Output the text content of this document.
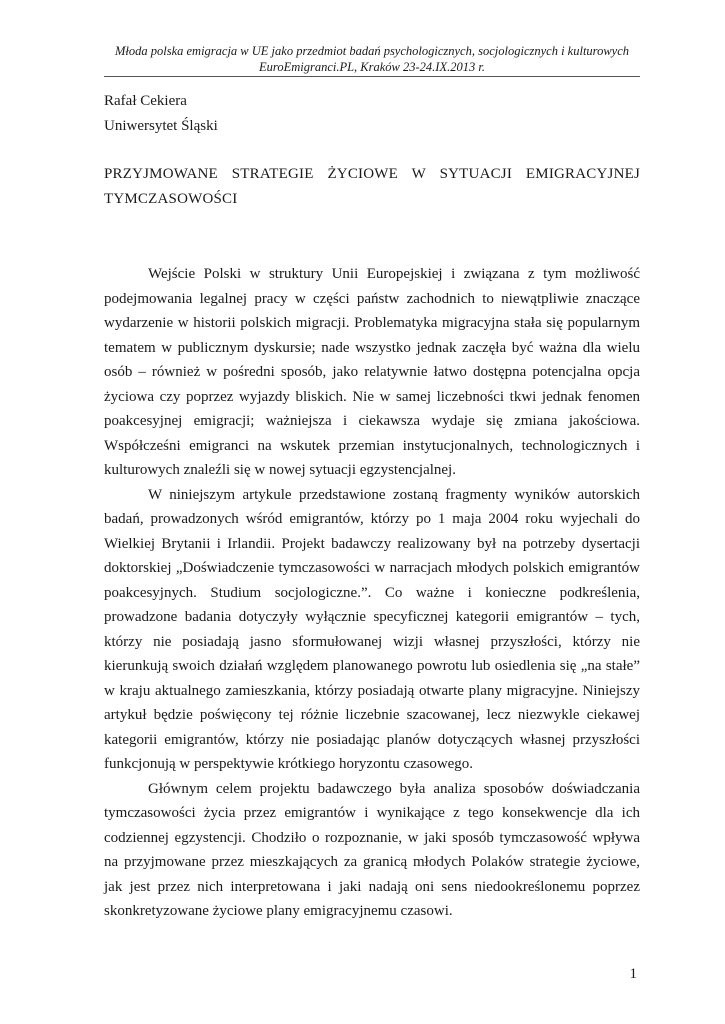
Młoda polska emigracja w UE jako przedmiot badań psychologicznych, socjologicznych i kulturowych
EuroEmigranci.PL, Kraków 23-24.IX.2013 r.
Rafał Cekiera
Uniwersytet Śląski
PRZYJMOWANE STRATEGIE ŻYCIOWE W SYTUACJI EMIGRACYJNEJ
TYMCZASOWOŚCI

Wejście Polski w struktury Unii Europejskiej i związana z tym możliwość podejmowania legalnej pracy w części państw zachodnich to niewątpliwie znaczące wydarzenie w historii polskich migracji. Problematyka migracyjna stała się popularnym tematem w publicznym dyskursie; nade wszystko jednak zaczęła być ważna dla wielu osób – również w pośredni sposób, jako relatywnie łatwo dostępna potencjalna opcja życiowa czy poprzez wyjazdy bliskich. Nie w samej liczebności tkwi jednak fenomen poakcesyjnej emigracji; ważniejsza i ciekawsza wydaje się zmiana jakościowa. Współcześni emigranci na wskutek przemian instytucjonalnych, technologicznych i kulturowych znaleźli się w nowej sytuacji egzystencjalnej.

W niniejszym artykule przedstawione zostaną fragmenty wyników autorskich badań, prowadzonych wśród emigrantów, którzy po 1 maja 2004 roku wyjechali do Wielkiej Brytanii i Irlandii. Projekt badawczy realizowany był na potrzeby dysertacji doktorskiej „Doświadczenie tymczasowości w narracjach młodych polskich emigrantów poakcesyjnych. Studium socjologiczne.”. Co ważne i konieczne podkreślenia, prowadzone badania dotyczyły wyłącznie specyficznej kategorii emigrantów – tych, którzy nie posiadają jasno sformułowanej wizji własnej przyszłości, którzy nie kierunkują swoich działań względem planowanego powrotu lub osiedlenia się „na stałe” w kraju aktualnego zamieszkania, którzy posiadają otwarte plany migracyjne. Niniejszy artykuł będzie poświęcony tej różnie liczebnie szacowanej, lecz niezwykle ciekawej kategorii emigrantów, którzy nie posiadając planów dotyczących własnej przyszłości funkcjonują w perspektywie krótkiego horyzontu czasowego.

Głównym celem projektu badawczego była analiza sposobów doświadczania tymczasowości życia przez emigrantów i wynikające z tego konsekwencje dla ich codziennej egzystencji. Chodziło o rozpoznanie, w jaki sposób tymczasowość wpływa na przyjmowane przez mieszkających za granicą młodych Polaków strategie życiowe, jak jest przez nich interpretowana i jaki nadają oni sens niedookreślonemu poprzez skonkretyzowane życiowe plany emigracyjnemu czasowi.

1
